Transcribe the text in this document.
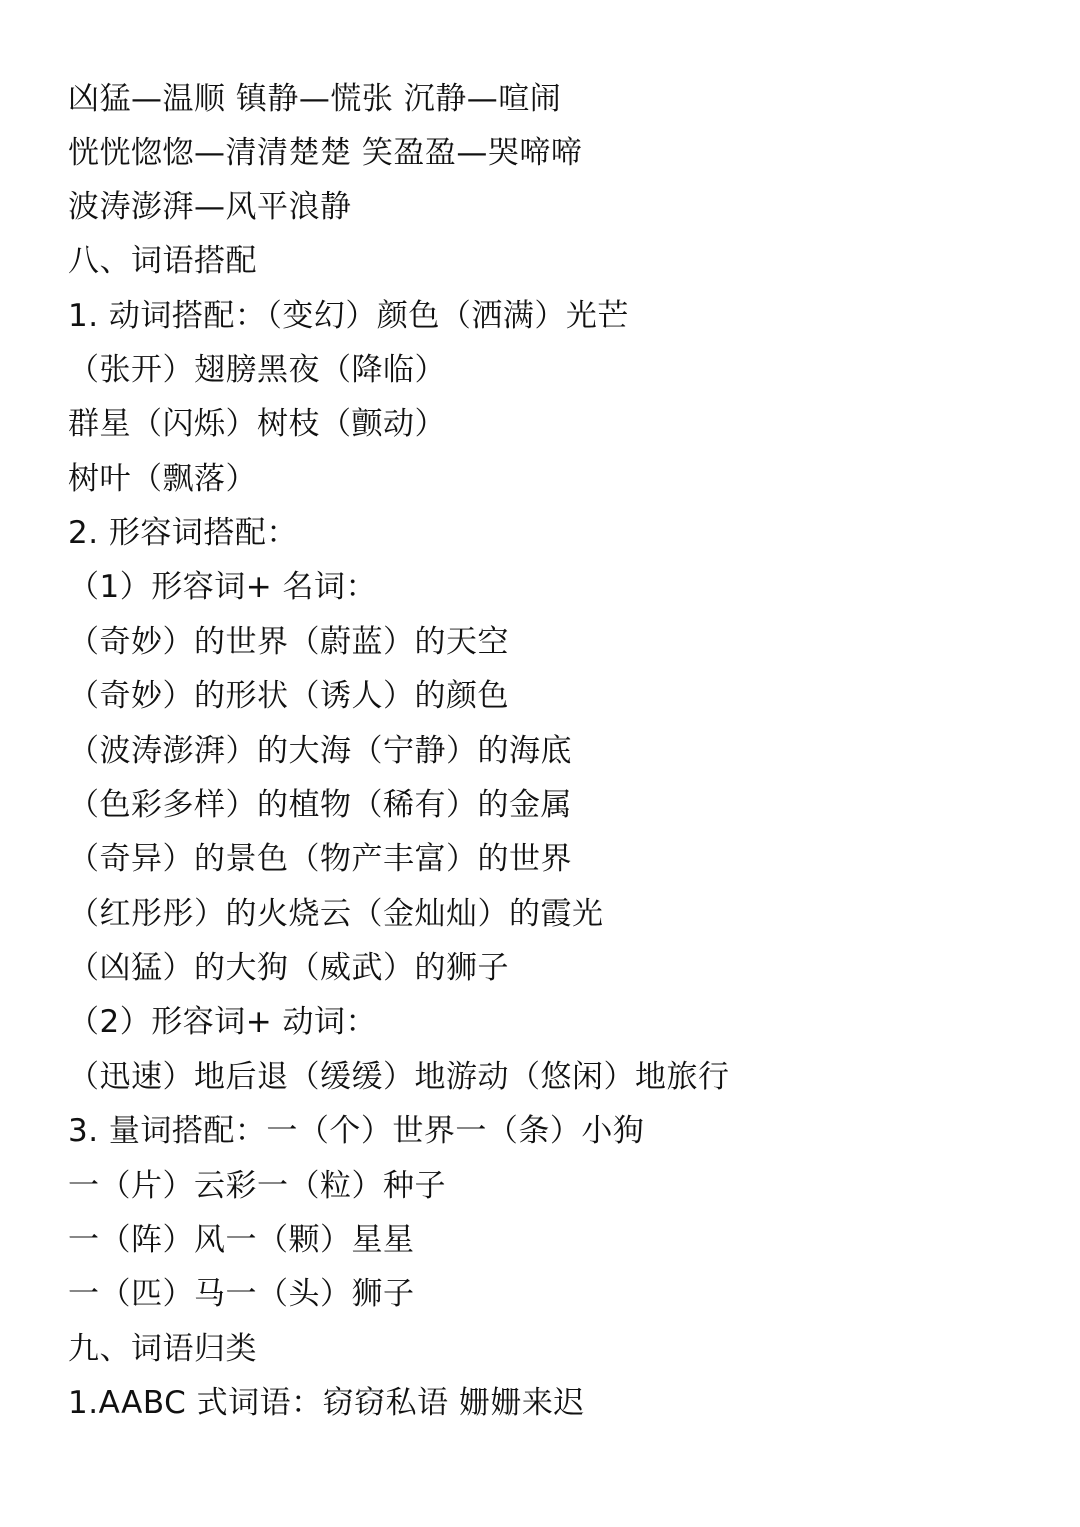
凶猛—温顺 镇静—慌张 沉静—喧闹
恍恍惚惚—清清楚楚 笑盈盈—哭啼啼
波涛澎湃—风平浪静
八、词语搭配
1. 动词搭配：（变幻）颜色（洒满）光芒
（张开）翅膀黑夜（降临）
群星（闪烁）树枝（颤动）
树叶（飘落）
2. 形容词搭配：
（1）形容词+ 名词：
（奇妙）的世界（蔚蓝）的天空
（奇妙）的形状（诱人）的颜色
（波涛澎湃）的大海（宁静）的海底
（色彩多样）的植物（稀有）的金属
（奇异）的景色（物产丰富）的世界
（红彤彤）的火烧云（金灿灿）的霞光
（凶猛）的大狗（威武）的狮子
（2）形容词+ 动词：
（迅速）地后退（缓缓）地游动（悠闲）地旅行
3. 量词搭配：一（个）世界一（条）小狗
一（片）云彩一（粒）种子
一（阵）风一（颗）星星
一（匹）马一（头）狮子
九、词语归类
1.AABC 式词语：窃窃私语 姗姗来迟
